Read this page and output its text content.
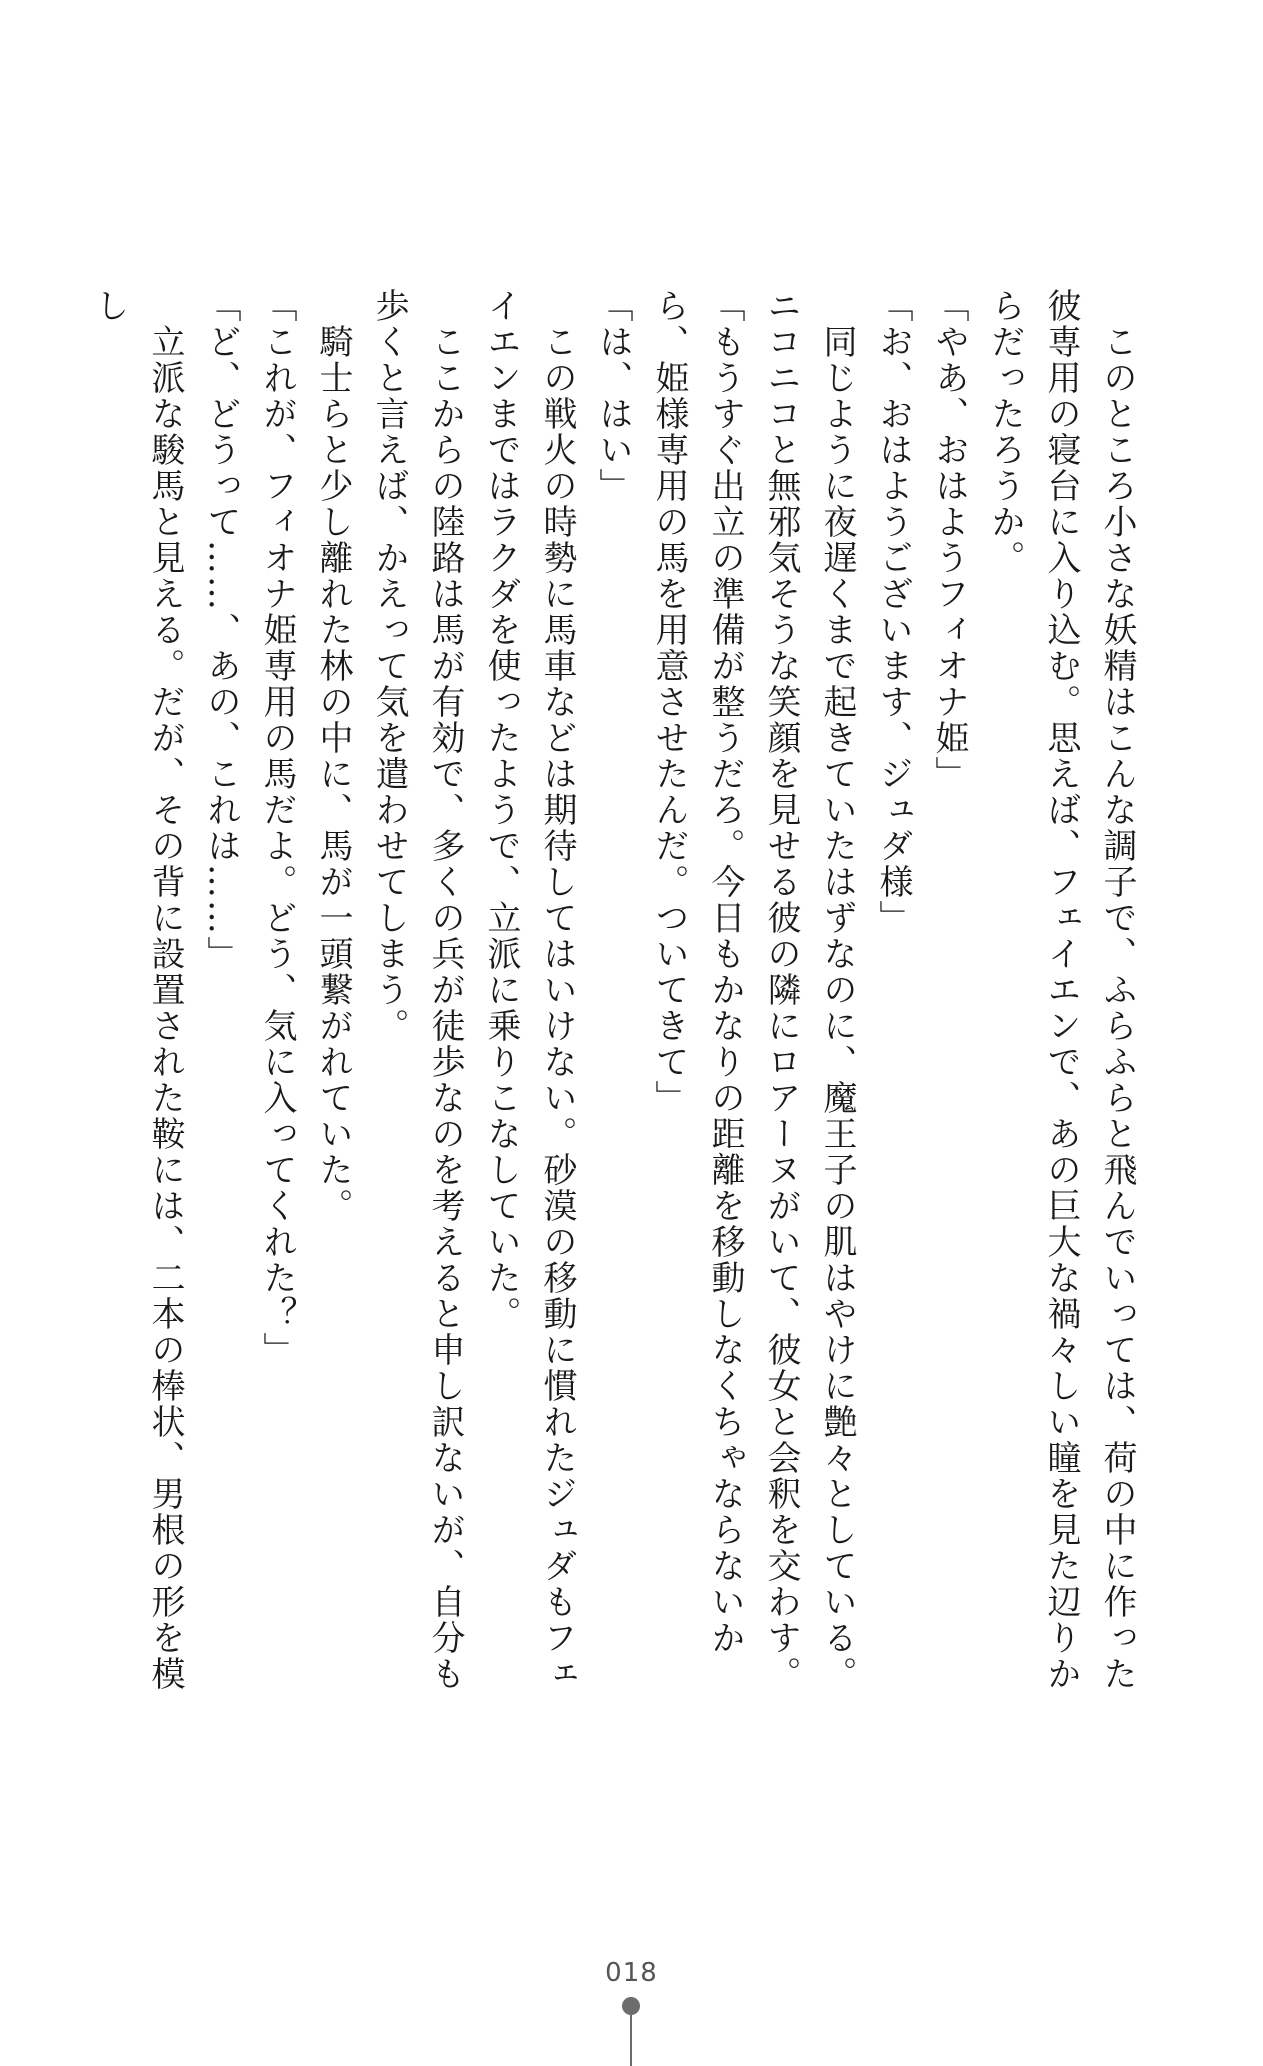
　このところ小さな妖精はこんな調子で、ふらふらと飛んでいっては、荷の中に作った彼専用の寝台に入り込む。思えば、フェイエンで、あの巨大な禍々しい瞳を見た辺りからだったろうか。

「やあ、おはようフィオナ姫」

「お、おはようございます、ジュダ様」

　同じように夜遅くまで起きていたはずなのに、魔王子の肌はやけに艶々としている。ニコニコと無邪気そうな笑顔を見せる彼の隣にロアーヌがいて、彼女と会釈を交わす。

「もうすぐ出立の準備が整うだろ。今日もかなりの距離を移動しなくちゃならないから、姫様専用の馬を用意させたんだ。ついてきて」

「は、はい」

　この戦火の時勢に馬車などは期待してはいけない。砂漠の移動に慣れたジュダもフェイエンまではラクダを使ったようで、立派に乗りこなしていた。

　ここからの陸路は馬が有効で、多くの兵が徒歩なのを考えると申し訳ないが、自分も歩くと言えば、かえって気を遣わせてしまう。

　騎士らと少し離れた林の中に、馬が一頭繋がれていた。

「これが、フィオナ姫専用の馬だよ。どう、気に入ってくれた？」

「ど、どうって……、あの、これは……」

　立派な駿馬と見える。だが、その背に設置された鞍には、二本の棒状、男根の形を模し

018
